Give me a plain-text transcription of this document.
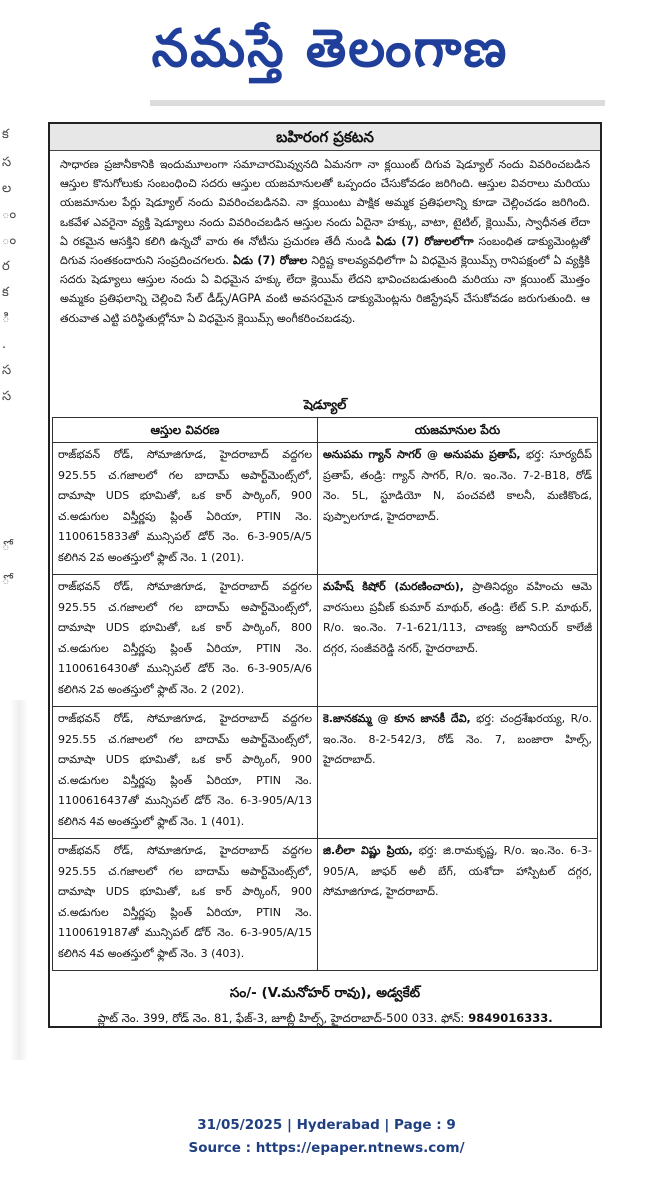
నమస్తే తెలంగాణ
క
స
ల
ం
ం
ర
క
ి
.
స
స
ో
ో
బహిరంగ ప్రకటన
సాధారణ ప్రజానీకానికి ఇందుమూలంగా సమాచారమివ్వునది ఏమనగా నా క్లయింట్ దిగువ షెడ్యూల్ నందు వివరించబడిన ఆస్తుల కొనుగోలుకు సంబంధించి సదరు ఆస్తుల యజమానులతో ఒప్పందం చేసుకోవడం జరిగింది. ఆస్తుల వివరాలు మరియు యజమానుల పేర్లు షెడ్యూల్ నందు వివరించబడినవి. నా క్లయింటు పాక్షిక అమ్మక ప్రతిఫలాన్ని కూడా చెల్లించడం జరిగింది. ఒకవేళ ఎవరైనా వ్యక్తి షెడ్యూలు నందు వివరించబడిన ఆస్తుల నందు ఏదైనా హక్కు, వాటా, టైటిల్, క్లెయిమ్, స్వాధీనత లేదా ఏ రకమైన ఆసక్తిని కలిగి ఉన్నచో వారు ఈ నోటీసు ప్రచురణ తేదీ నుండి ఏడు (7) రోజులలోగా సంబంధిత డాక్యుమెంట్లతో దిగువ సంతకందారుని సంప్రదించగలరు. ఏడు (7) రోజుల నిర్దిష్ట కాలవ్యవధిలోగా ఏ విధమైన క్లెయిమ్స్ రానిపక్షంలో ఏ వ్యక్తికి సదరు షెడ్యూలు ఆస్తుల నందు ఏ విధమైన హక్కు లేదా క్లెయిమ్ లేదని భావించబడుతుంది మరియు నా క్లయింట్ మొత్తం అమ్మకం ప్రతిఫలాన్ని చెల్లించి సేల్ డీడ్స్/AGPA వంటి అవసరమైన డాక్యుమెంట్లను రిజిస్ట్రేషన్ చేసుకోవడం జరుగుతుంది. ఆ తరువాత ఎట్టి పరిస్థితుల్లోనూ ఏ విధమైన క్లెయిమ్స్ అంగీకరించబడవు.
షెడ్యూల్
ఆస్తుల వివరణ	యజమానుల పేరు
రాజ్‌భవన్ రోడ్, సోమాజిగూడ, హైదరాబాద్ వద్దగల 925.55 చ.గజాలలో గల బాదామ్ అపార్ట్‌మెంట్స్‌లో, దామాషా UDS భూమితో, ఒక కార్ పార్కింగ్, 900 చ.అడుగుల విస్తీర్ణపు ప్లింత్ ఏరియా, PTIN నెం. 1100615833తో మున్సిపల్ డోర్ నెం. 6-3-905/A/5 కలిగిన 2వ అంతస్తులో ఫ్లాట్ నెం. 1 (201).	అనుపమ గ్యాన్ సాగర్ @ అనుపమ ప్రతాప్, భర్త: సూర్యదీప్ ప్రతాప్, తండ్రి: గ్యాన్ సాగర్, R/o. ఇం.నెం. 7-2-B18, రోడ్ నెం. 5L, స్టూడియో N, పంచవటి కాలనీ, మణికొండ, పుప్పాలగూడ, హైదరాబాద్.
రాజ్‌భవన్ రోడ్, సోమాజిగూడ, హైదరాబాద్ వద్దగల 925.55 చ.గజాలలో గల బాదామ్ అపార్ట్‌మెంట్స్‌లో, దామాషా UDS భూమితో, ఒక కార్ పార్కింగ్, 800 చ.అడుగుల విస్తీర్ణపు ప్లింత్ ఏరియా, PTIN నెం. 1100616430తో మున్సిపల్ డోర్ నెం. 6-3-905/A/6 కలిగిన 2వ అంతస్తులో ఫ్లాట్ నెం. 2 (202).	మహేష్ కిషోర్ (మరణించారు), ప్రాతినిధ్యం వహించు ఆమె వారసులు ప్రవీణ్ కుమార్ మాథుర్, తండ్రి: లేట్ S.P. మాథుర్, R/o. ఇం.నెం. 7-1-621/113, చాణక్య జూనియర్ కాలేజీ దగ్గర, సంజీవరెడ్డి నగర్, హైదరాబాద్.
రాజ్‌భవన్ రోడ్, సోమాజిగూడ, హైదరాబాద్ వద్దగల 925.55 చ.గజాలలో గల బాదామ్ అపార్ట్‌మెంట్స్‌లో, దామాషా UDS భూమితో, ఒక కార్ పార్కింగ్, 900 చ.అడుగుల విస్తీర్ణపు ప్లింత్ ఏరియా, PTIN నెం. 1100616437తో మున్సిపల్ డోర్ నెం. 6-3-905/A/13 కలిగిన 4వ అంతస్తులో ఫ్లాట్ నెం. 1 (401).	కె.జానకమ్మ @ కూన జానకీ దేవి, భర్త: చంద్రశేఖరయ్య, R/o. ఇం.నెం. 8-2-542/3, రోడ్ నెం. 7, బంజారా హిల్స్, హైదరాబాద్.
రాజ్‌భవన్ రోడ్, సోమాజిగూడ, హైదరాబాద్ వద్దగల 925.55 చ.గజాలలో గల బాదామ్ అపార్ట్‌మెంట్స్‌లో, దామాషా UDS భూమితో, ఒక కార్ పార్కింగ్, 900 చ.అడుగుల విస్తీర్ణపు ప్లింత్ ఏరియా, PTIN నెం. 1100619187తో మున్సిపల్ డోర్ నెం. 6-3-905/A/15 కలిగిన 4వ అంతస్తులో ఫ్లాట్ నెం. 3 (403).	జి.లీలా విష్ణు ప్రియ, భర్త: జి.రామకృష్ణ, R/o. ఇం.నెం. 6-3-905/A, జాఫర్ అలీ బేగ్, యశోదా హాస్పిటల్ దగ్గర, సోమాజిగూడ, హైదరాబాద్.
సం/- (V.మనోహర్ రావు), అడ్వకేట్
ప్లాట్ నెం. 399, రోడ్ నెం. 81, ఫేజ్-3, జూబ్లీ హిల్స్, హైదరాబాద్-500 033. ఫోన్: 9849016333.
31/05/2025 | Hyderabad | Page : 9
Source : https://epaper.ntnews.com/
